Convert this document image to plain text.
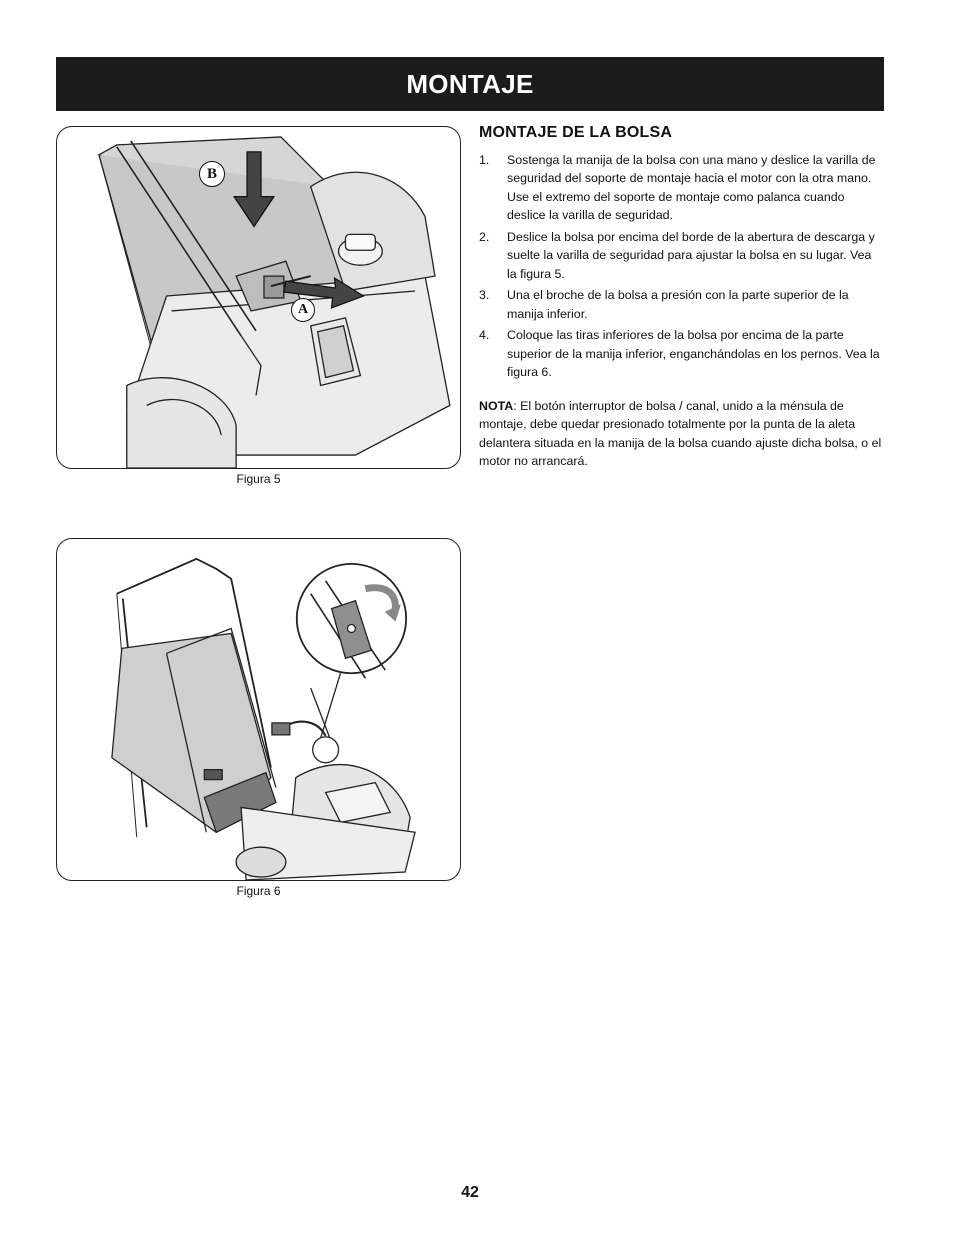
MONTAJE
B
A
Figura 5
Figura 6
MONTAJE DE LA BOLSA
1.	Sostenga la manija de la bolsa con una mano y deslice la varilla de seguridad del soporte de montaje hacia el motor con la otra mano. Use el extremo del soporte de montaje como palanca cuando deslice la varilla de seguridad.
2.	Deslice la bolsa por encima del borde de la abertura de descarga y suelte la varilla de seguridad para ajustar la bolsa en su lugar. Vea la figura 5.
3.	Una el broche de la bolsa a presión con la parte superior de la manija inferior.
4.	Coloque las tiras inferiores de la bolsa por encima de la parte superior de la manija inferior, enganchándolas en los pernos. Vea la figura 6.
NOTA: El botón interruptor de bolsa / canal, unido a la ménsula de montaje, debe quedar presionado totalmente por la punta de la aleta delantera situada en la manija de la bolsa cuando ajuste dicha bolsa, o el motor no arrancará.
42
